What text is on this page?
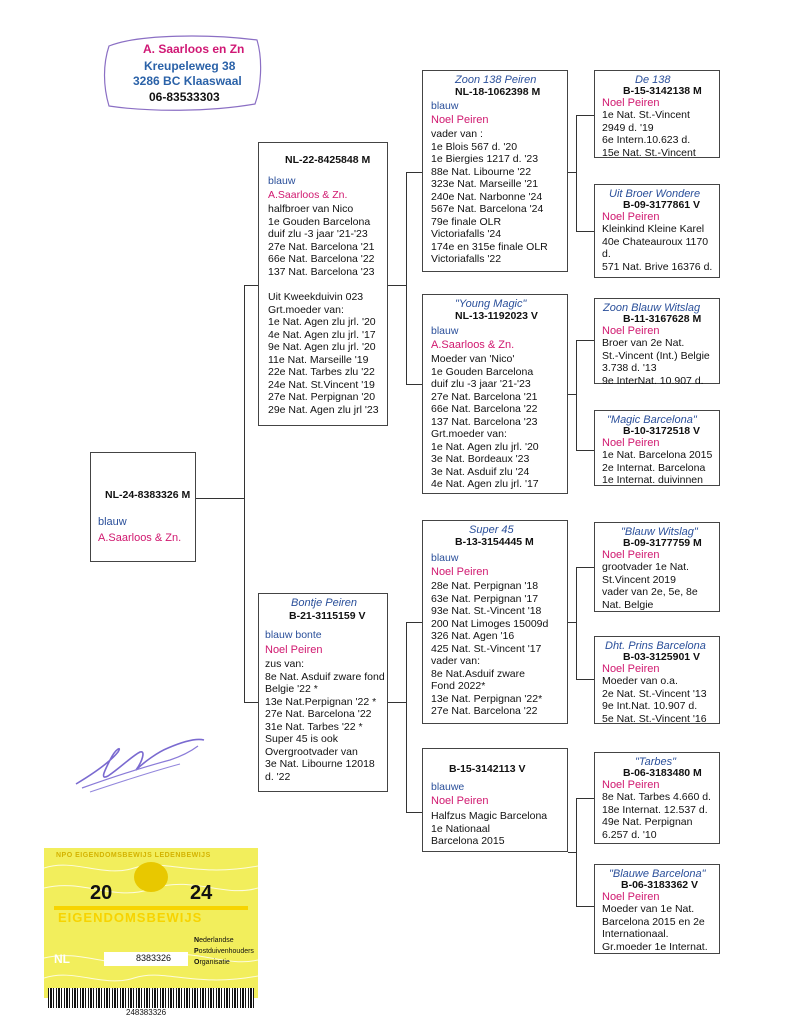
A. Saarloos en Zn
Kreupeleweg 38
3286 BC Klaaswaal
06-83533303
NL-24-8383326 M
blauw
A.Saarloos & Zn.
NL-22-8425848 M
blauw
A.Saarloos & Zn.
halfbroer van Nico
1e Gouden Barcelona
duif zlu -3 jaar '21-'23
27e Nat. Barcelona '21
66e Nat. Barcelona '22
137 Nat. Barcelona '23
Uit Kweekduivin 023
Grt.moeder van:
1e Nat. Agen zlu jrl. '20
4e Nat. Agen zlu jrl. '17
9e Nat. Agen zlu jrl. '20
11e Nat. Marseille '19
22e Nat. Tarbes zlu '22
24e Nat. St.Vincent '19
27e Nat. Perpignan '20
29e Nat. Agen zlu jrl '23
Bontje Peiren
B-21-3115159 V
blauw bonte
Noel Peiren
zus van:
8e Nat. Asduif zware fond
Belgie '22 *
13e Nat.Perpignan '22 *
27e Nat. Barcelona '22
31e Nat. Tarbes '22 *
Super 45 is ook
Overgrootvader van
3e Nat. Libourne 12018
d. '22
Zoon 138 Peiren
NL-18-1062398 M
blauw
Noel Peiren
vader van :
1e Blois 567 d. '20
1e Biergies 1217 d. '23
88e Nat. Libourne '22
323e Nat. Marseille '21
240e Nat. Narbonne '24
567e Nat. Barcelona '24
79e finale OLR
Victoriafalls '24
174e en 315e finale OLR
Victoriafalls '22
"Young Magic"
NL-13-1192023 V
blauw
A.Saarloos & Zn.
Moeder van 'Nico'
1e Gouden Barcelona
duif zlu -3 jaar '21-'23
27e Nat. Barcelona '21
66e Nat. Barcelona '22
137 Nat. Barcelona '23
Grt.moeder van:
1e Nat. Agen zlu jrl. '20
3e Nat. Bordeaux '23
3e Nat. Asduif zlu '24
4e Nat. Agen zlu jrl. '17
Super 45
B-13-3154445 M
blauw
Noel Peiren
28e Nat. Perpignan '18
63e Nat. Perpignan '17
93e Nat. St.-Vincent '18
200 Nat Limoges 15009d
326 Nat. Agen '16
425 Nat. St.-Vincent '17
vader van:
8e Nat.Asduif zware
Fond 2022*
13e Nat. Perpignan '22*
27e Nat. Barcelona '22
B-15-3142113 V
blauwe
Noel Peiren
Halfzus Magic Barcelona
1e Nationaal
Barcelona 2015
De 138
B-15-3142138 M
Noel Peiren
1e Nat. St.-Vincent
2949 d. '19
6e Intern.10.623 d.
15e Nat. St.-Vincent
Uit Broer Wondere
B-09-3177861 V
Noel Peiren
Kleinkind Kleine Karel
40e Chateauroux 1170
d.
571 Nat. Brive 16376 d.
Zoon Blauw Witslag
B-11-3167628 M
Noel Peiren
Broer van 2e Nat.
St.-Vincent (Int.) Belgie
3.738 d. '13
9e InterNat. 10.907 d.
"Magic Barcelona"
B-10-3172518 V
Noel Peiren
1e Nat. Barcelona 2015
2e Internat. Barcelona
1e Internat. duivinnen
"Blauw Witslag"
B-09-3177759 M
Noel Peiren
grootvader 1e Nat.
St.Vincent 2019
vader van 2e, 5e, 8e
Nat. Belgie
Dht. Prins Barcelona
B-03-3125901 V
Noel Peiren
Moeder van o.a.
2e Nat. St.-Vincent '13
9e Int.Nat. 10.907 d.
5e Nat. St.-Vincent '16
"Tarbes"
B-06-3183480 M
Noel Peiren
8e Nat. Tarbes 4.660 d.
18e Internat. 12.537 d.
49e Nat. Perpignan
6.257 d. '10
"Blauwe Barcelona"
B-06-3183362 V
Noel Peiren
Moeder van 1e Nat.
Barcelona 2015 en 2e
Internationaal.
Gr.moeder 1e Internat.
NPO EIGENDOMSBEWIJS LEDENBEWIJS
20	24
EIGENDOMSBEWIJS
NL	8383326
Nederlandse
Postduivenhouders
Organisatie
248383326
